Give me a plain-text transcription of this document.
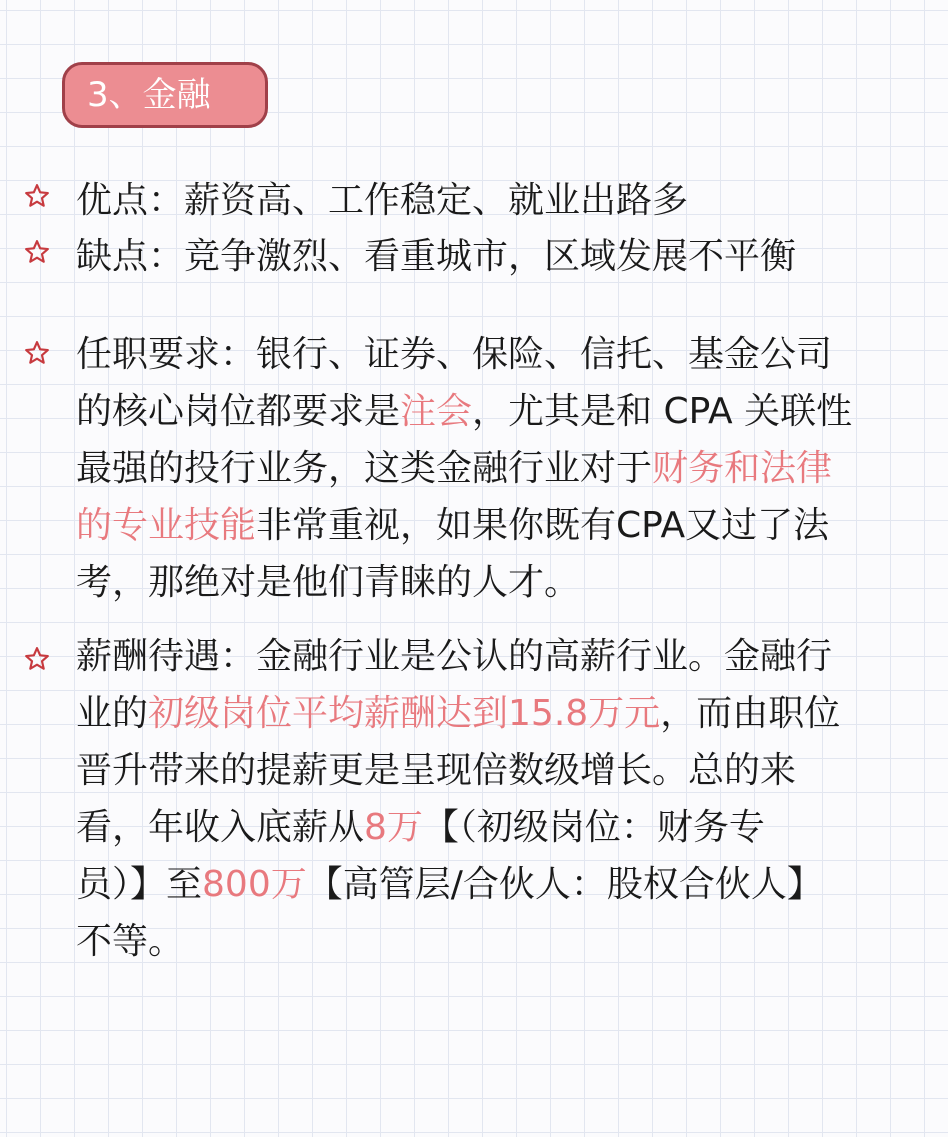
3、金融
优点：薪资高、工作稳定、就业出路多
缺点：竞争激烈、看重城市，区域发展不平衡
任职要求：银行、证券、保险、信托、基金公司
的核心岗位都要求是注会，尤其是和 CPA 关联性
最强的投行业务，这类金融行业对于财务和法律
的专业技能非常重视，如果你既有CPA又过了法
考，那绝对是他们青睐的人才。
薪酬待遇：金融行业是公认的高薪行业。金融行
业的初级岗位平均薪酬达到15.8万元，而由职位
晋升带来的提薪更是呈现倍数级增长。总的来
看，年收入底薪从8万【（初级岗位：财务专
员）】至800万【高管层/合伙人：股权合伙人】
不等。
